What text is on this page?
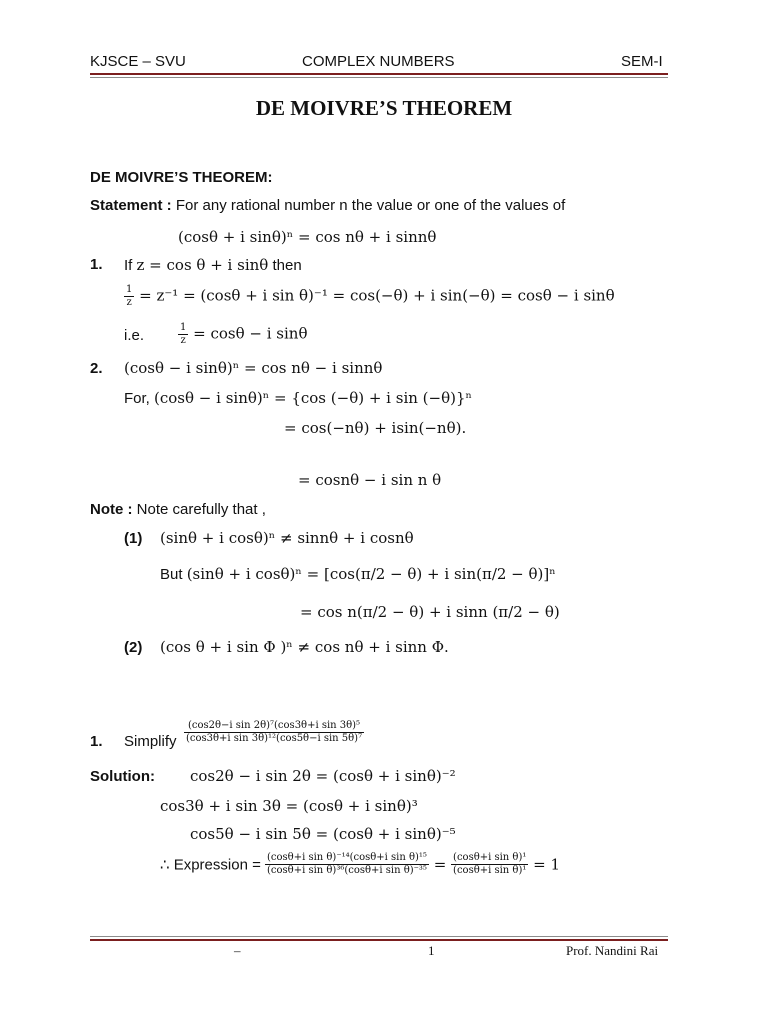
KJSCE – SVU	COMPLEX NUMBERS	SEM-I
DE MOIVRE’S THEOREM
DE MOIVRE’S THEOREM:
Statement : For any rational number n the value or one of the values of
(cosθ + i sinθ)ⁿ = cos nθ + i sinnθ
1. If z = cos θ + i sinθ then
$\frac{1}{z} = z^{-1} = (\cos\theta + i$ sin θ)⁻¹ = cos(−θ) + i sin(−θ) = cosθ − i sinθ
i.e.	$\frac{1}{z} = \cos\theta - i$ sinθ
2. (cosθ − i sinθ)ⁿ = cos nθ − i sinnθ
For, (cosθ − i sinθ)ⁿ = {cos (−θ) + i sin (−θ)}ⁿ
= cos(−nθ) + isin(−nθ).
= cosnθ − i sin n θ
Note : Note carefully that ,
(1) (sinθ + i cosθ)ⁿ ≠ sinnθ + i cosnθ
But (sinθ + i cosθ)ⁿ = [cos(π/2 − θ) + i sin(π/2 − θ)]ⁿ
= cos n(π/2 − θ) + i sinn (π/2 − θ)
(2) (cos θ + i sin Φ )ⁿ ≠ cos nθ + i sinn Φ.
1. Simplify $\frac{\text{(cos2θ−i sin 2θ)⁷(cos3θ+i sin 3θ)⁵}}{\text{(cos3θ+i sin 3θ)¹²(cos5θ−i sin 5θ)⁷}}$
Solution: cos2θ − i sin 2θ = (cosθ + i sinθ)⁻²
cos3θ + i sin 3θ = (cosθ + i sinθ)³
cos5θ − i sin 5θ = (cosθ + i sinθ)⁻⁵
∴ Expression = $\frac{\text{(cosθ+i sin θ)⁻¹⁴(cosθ+i sin θ)¹⁵}}{\text{(cosθ+i sin θ)³⁶(cosθ+i sin θ)⁻³⁵}} = \frac{\text{(cosθ+i sin θ)¹}}{\text{(cosθ+i sin θ)¹}} = 1$
–	1	Prof. Nandini Rai
